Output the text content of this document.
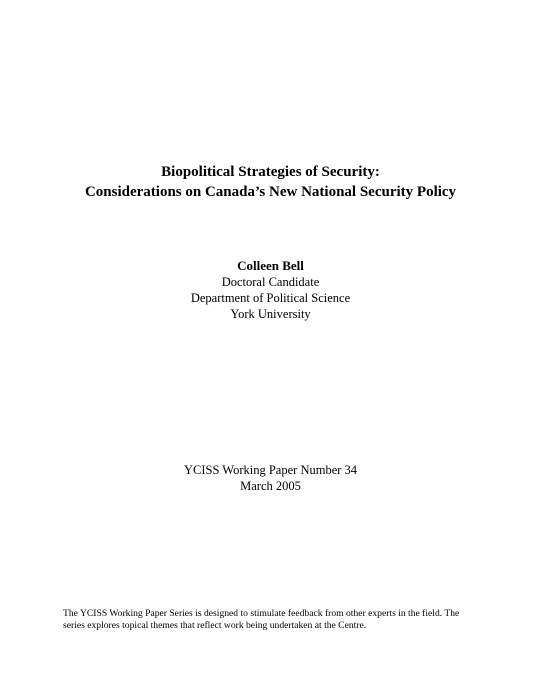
Biopolitical Strategies of Security:
Considerations on Canada’s New National Security Policy
Colleen Bell
Doctoral Candidate
Department of Political Science
York University
YCISS Working Paper Number 34
March 2005
The YCISS Working Paper Series is designed to stimulate feedback from other experts in the field. The
series explores topical themes that reflect work being undertaken at the Centre.
